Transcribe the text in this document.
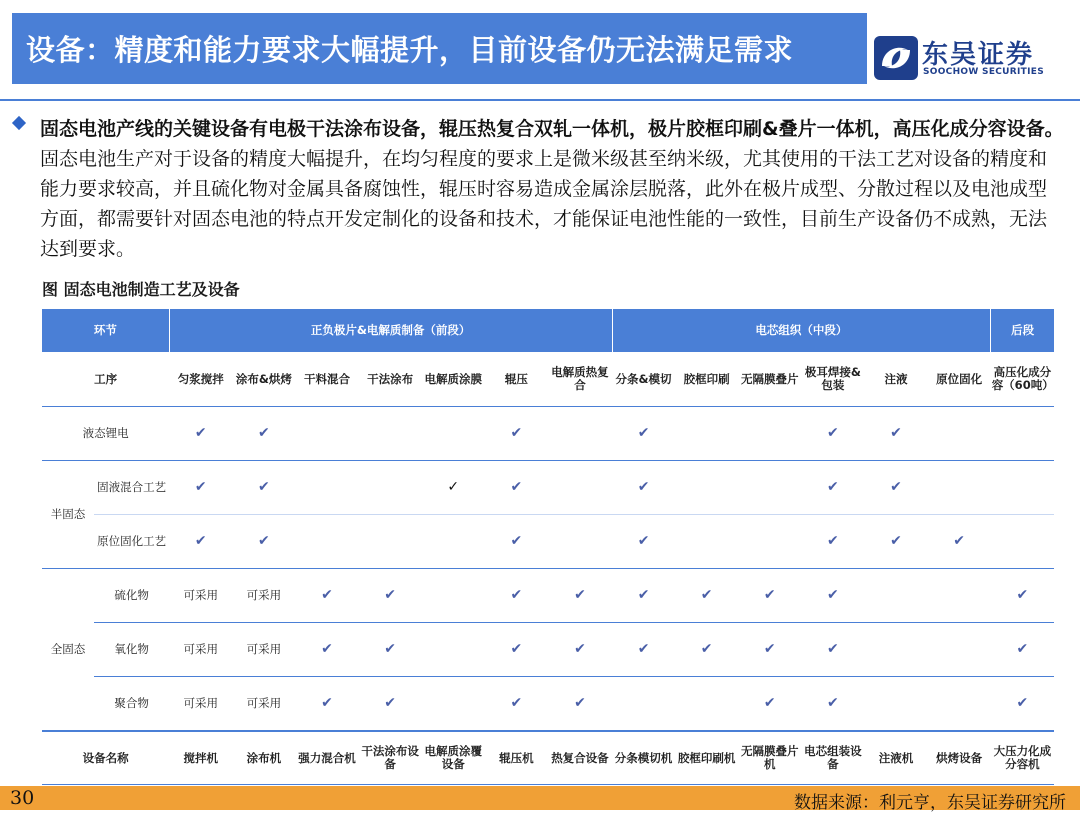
设备：精度和能力要求大幅提升，目前设备仍无法满足需求	东吴证券
SOOCHOW SECURITIES
固态电池产线的关键设备有电极干法涂布设备，辊压热复合双轧一体机，极片胶框印刷&叠片一体机，高压化成分容设备。固态电池生产对于设备的精度大幅提升，在均匀程度的要求上是微米级甚至纳米级，尤其使用的干法工艺对设备的精度和能力要求较高，并且硫化物对金属具备腐蚀性，辊压时容易造成金属涂层脱落，此外在极片成型、分散过程以及电池成型方面，都需要针对固态电池的特点开发定制化的设备和技术，才能保证电池性能的一致性，目前生产设备仍不成熟，无法达到要求。
图 固态电池制造工艺及设备
环节		正负极片&电解质制备（前段）							电芯组织（中段）						后段
工序		匀浆搅拌	涂布&烘烤	干料混合	干法涂布	电解质涂膜	辊压	电解质热复合	分条&模切	胶框印刷	无隔膜叠片	极耳焊接&包装	注液	原位固化	高压化成分容（60吨）
液态锂电		✔	✔				✔		✔			✔	✔		
半固态	固液混合工艺	✔	✔			✓	✔		✔			✔	✔		
	原位固化工艺	✔	✔				✔		✔			✔	✔	✔	
全固态	硫化物	可采用	可采用	✔	✔		✔	✔	✔	✔	✔	✔			✔
	氧化物	可采用	可采用	✔	✔		✔	✔	✔	✔	✔	✔			✔
	聚合物	可采用	可采用	✔	✔		✔	✔			✔	✔			✔
设备名称		搅拌机	涂布机	强力混合机	干法涂布设备	电解质涂覆设备	辊压机	热复合设备	分条模切机	胶框印刷机	无隔膜叠片机	电芯组装设备	注液机	烘烤设备	大压力化成分容机
30	数据来源：利元亨，东吴证券研究所
